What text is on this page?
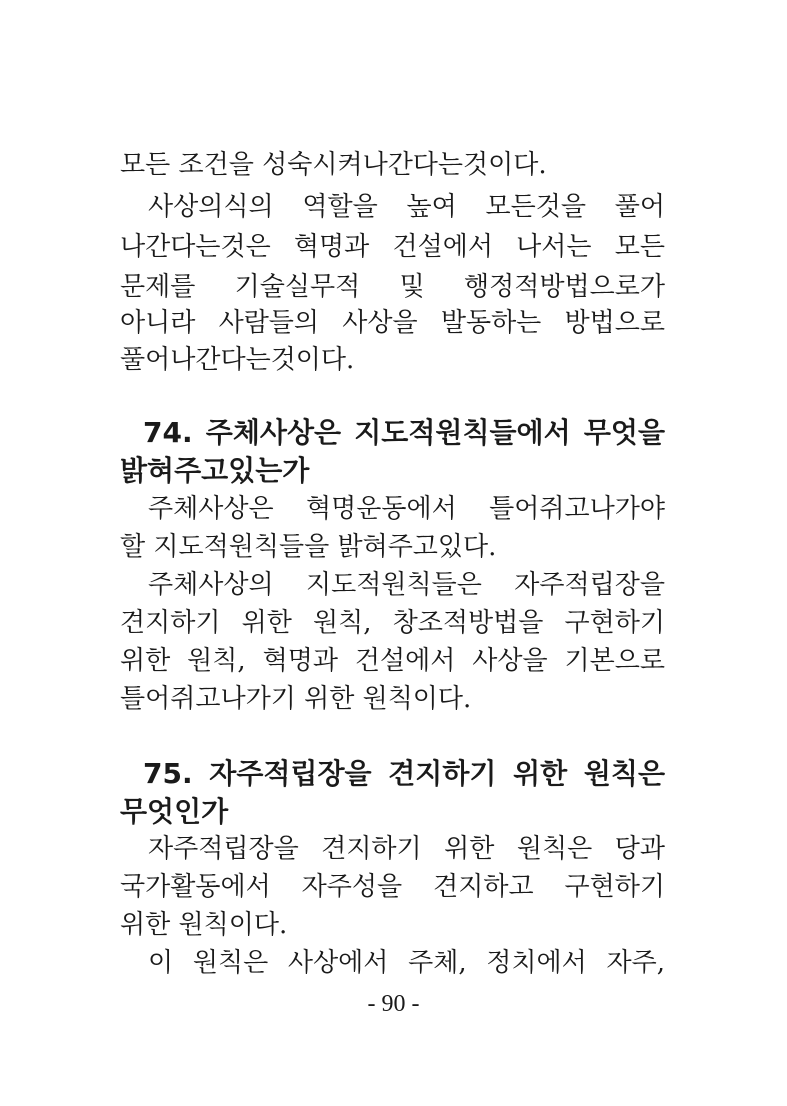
모든 조건을 성숙시켜나간다는것이다.
사상의식의 역할을 높여 모든것을 풀어
나간다는것은 혁명과 건설에서 나서는 모든
문제를 기술실무적 및 행정적방법으로가
아니라 사람들의 사상을 발동하는 방법으로
풀어나간다는것이다.
74. 주체사상은 지도적원칙들에서 무엇을
밝혀주고있는가
주체사상은 혁명운동에서 틀어쥐고나가야
할 지도적원칙들을 밝혀주고있다.
주체사상의 지도적원칙들은 자주적립장을
견지하기 위한 원칙, 창조적방법을 구현하기
위한 원칙, 혁명과 건설에서 사상을 기본으로
틀어쥐고나가기 위한 원칙이다.
75. 자주적립장을 견지하기 위한 원칙은
무엇인가
자주적립장을 견지하기 위한 원칙은 당과
국가활동에서 자주성을 견지하고 구현하기
위한 원칙이다.
이 원칙은 사상에서 주체, 정치에서 자주,
- 90 -
